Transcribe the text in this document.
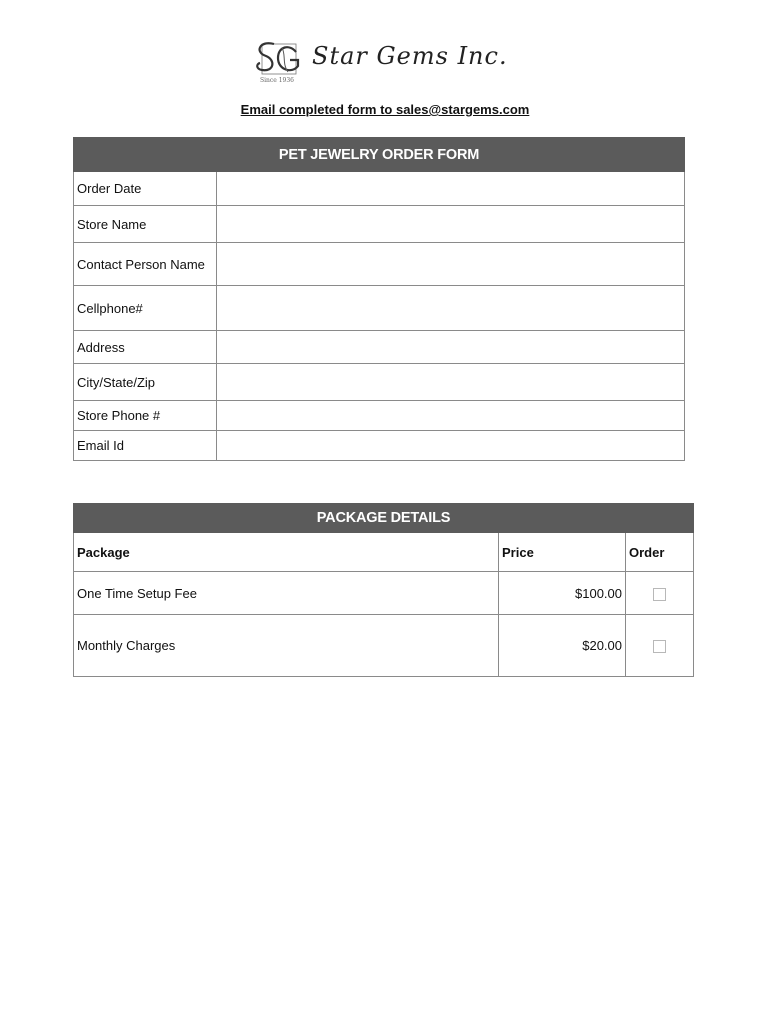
Since 1936
Star Gems Inc.
Email completed form to sales@stargems.com
PET JEWELRY ORDER FORM	
Order Date	
Store Name	
Contact Person Name	
Cellphone#	
Address	
City/State/Zip	
Store Phone #	
Email Id	
PACKAGE DETAILS		
Package	Price	Order
One Time Setup Fee	$100.00	
Monthly Charges	$20.00	
